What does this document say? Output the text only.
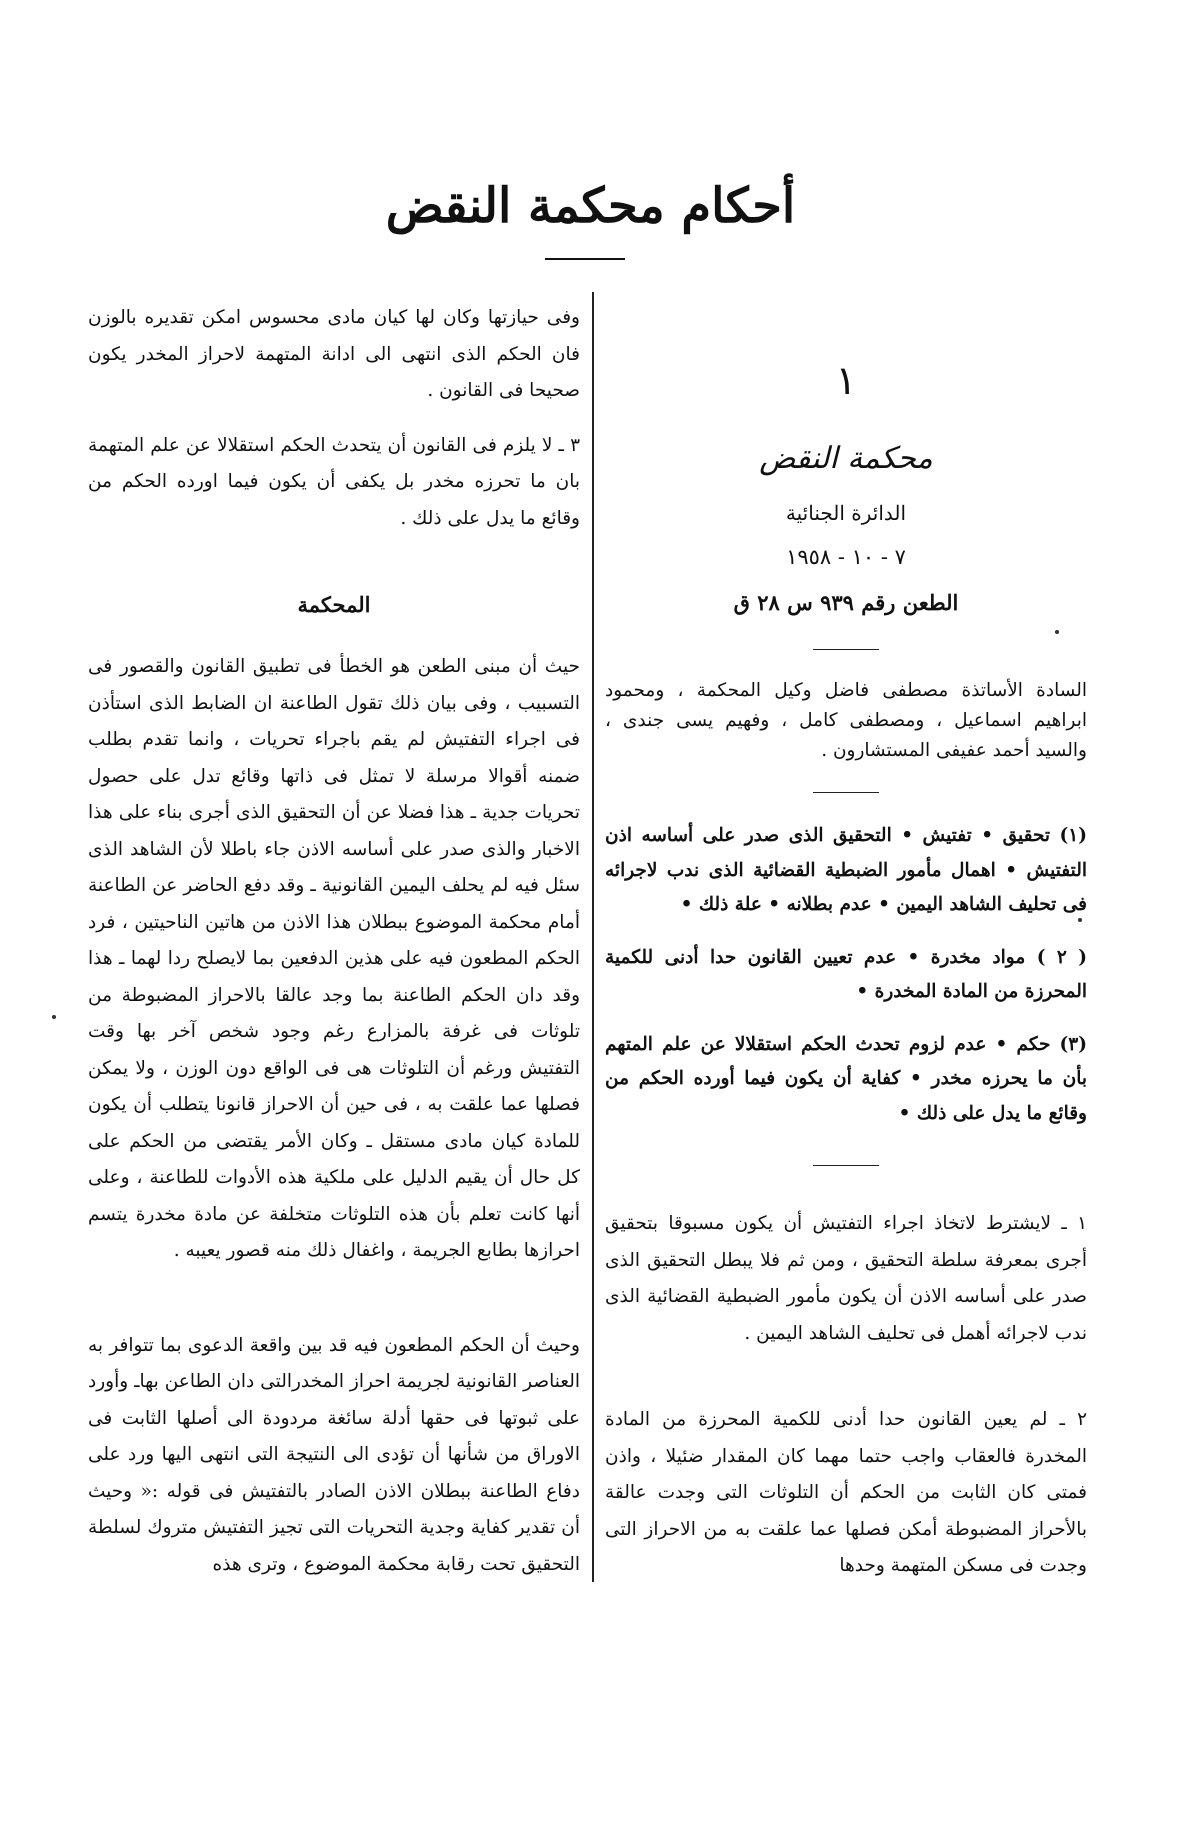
أحكام محكمة النقض

وفى حيازتها وكان لها كيان مادى محسوس امكن تقديره بالوزن فان الحكم الذى انتهى الى ادانة المتهمة لاحراز المخدر يكون صحيحا فى القانون .

٣ ـ لا يلزم فى القانون أن يتحدث الحكم استقلالا عن علم المتهمة بان ما تحرزه مخدر بل يكفى أن يكون فيما اورده الحكم من وقائع ما يدل على ذلك .

المحكمة

حيث أن مبنى الطعن هو الخطأ فى تطبيق القانون والقصور فى التسبيب ، وفى بيان ذلك تقول الطاعنة ان الضابط الذى استأذن فى اجراء التفتيش لم يقم باجراء تحريات ، وانما تقدم بطلب ضمنه أقوالا مرسلة لا تمثل فى ذاتها وقائع تدل على حصول تحريات جدية ـ هذا فضلا عن أن التحقيق الذى أجرى بناء على هذا الاخبار والذى صدر على أساسه الاذن جاء باطلا لأن الشاهد الذى سئل فيه لم يحلف اليمين القانونية ـ وقد دفع الحاضر عن الطاعنة أمام محكمة الموضوع ببطلان هذا الاذن من هاتين الناحيتين ، فرد الحكم المطعون فيه على هذين الدفعين بما لايصلح ردا لهما ـ هذا وقد دان الحكم الطاعنة بما وجد عالقا بالاحراز المضبوطة من تلوثات فى غرفة بالمزارع رغم وجود شخص آخر بها وقت التفتيش ورغم أن التلوثات هى فى الواقع دون الوزن ، ولا يمكن فصلها عما علقت به ، فى حين أن الاحراز قانونا يتطلب أن يكون للمادة كيان مادى مستقل ـ وكان الأمر يقتضى من الحكم على كل حال أن يقيم الدليل على ملكية هذه الأدوات للطاعنة ، وعلى أنها كانت تعلم بأن هذه التلوثات متخلفة عن مادة مخدرة يتسم احرازها بطابع الجريمة ، واغفال ذلك منه قصور يعيبه .

وحيث أن الحكم المطعون فيه قد بين واقعة الدعوى بما تتوافر به العناصر القانونية لجريمة احراز المخدرالتى دان الطاعن بهاـ وأورد على ثبوتها فى حقها أدلة سائغة مردودة الى أصلها الثابت فى الاوراق من شأنها أن تؤدى الى النتيجة التى انتهى اليها ورد على دفاع الطاعنة ببطلان الاذن الصادر بالتفتيش فى قوله :« وحيث أن تقدير كفاية وجدية التحريات التى تجيز التفتيش متروك لسلطة التحقيق تحت رقابة محكمة الموضوع ، وترى هذه

١
محكمة النقض
الدائرة الجنائية
٧ - ١٠ - ١٩٥٨
الطعن رقم ٩٣٩ س ٢٨ ق

السادة الأساتذة مصطفى فاضل وكيل المحكمة ، ومحمود ابراهيم اسماعيل ، ومصطفى كامل ، وفهيم يسى جندى ، والسيد أحمد عفيفى المستشارون .

(١) تحقيق • تفتيش • التحقيق الذى صدر على أساسه اذن التفتيش • اهمال مأمور الضبطية القضائية الذى ندب لاجرائه فى تحليف الشاهد اليمين • عدم بطلانه • علة ذلك •

( ٢ ) مواد مخدرة • عدم تعيين القانون حدا أدنى للكمية المحرزة من المادة المخدرة •

(٣) حكم • عدم لزوم تحدث الحكم استقلالا عن علم المتهم بأن ما يحرزه مخدر • كفاية أن يكون فيما أورده الحكم من وقائع ما يدل على ذلك •

١ ـ لايشترط لاتخاذ اجراء التفتيش أن يكون مسبوقا بتحقيق أجرى بمعرفة سلطة التحقيق ، ومن ثم فلا يبطل التحقيق الذى صدر على أساسه الاذن أن يكون مأمور الضبطية القضائية الذى ندب لاجرائه أهمل فى تحليف الشاهد اليمين .

٢ ـ لم يعين القانون حدا أدنى للكمية المحرزة من المادة المخدرة فالعقاب واجب حتما مهما كان المقدار ضئيلا ، واذن فمتى كان الثابت من الحكم أن التلوثات التى وجدت عالقة بالأحراز المضبوطة أمكن فصلها عما علقت به من الاحراز التى وجدت فى مسكن المتهمة وحدها
